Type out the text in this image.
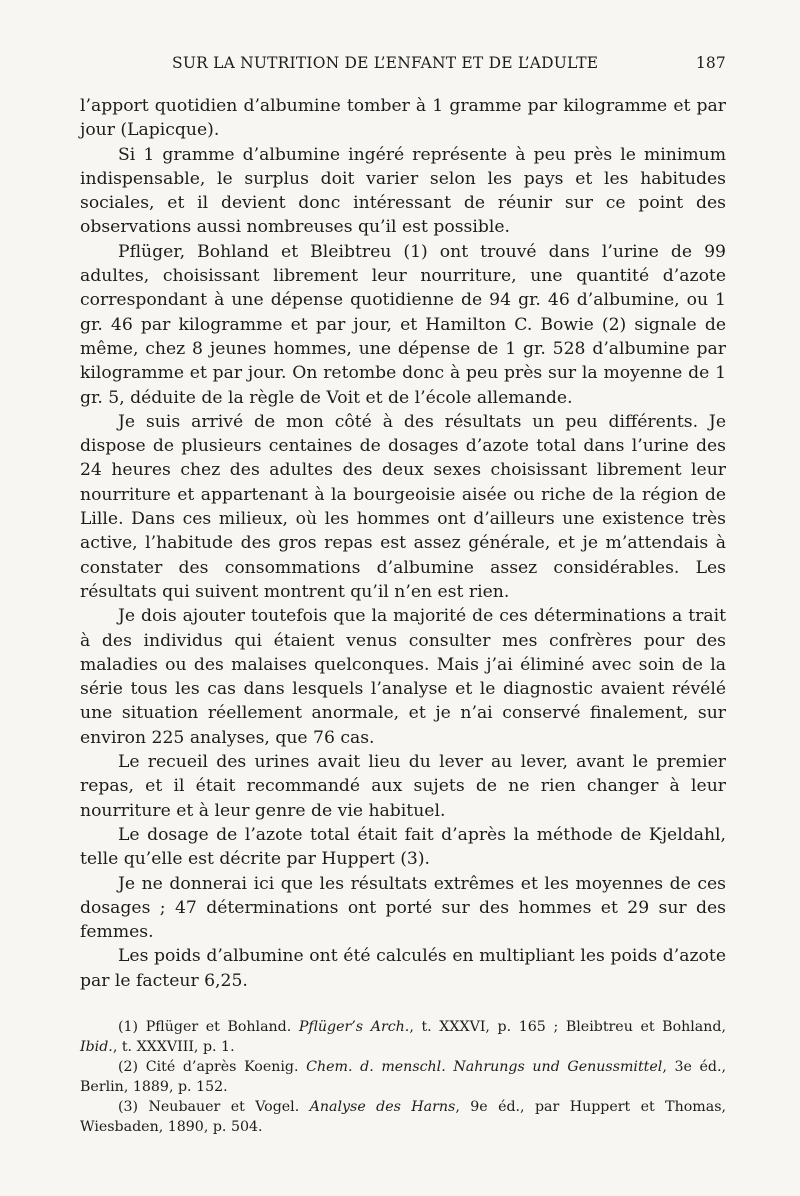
SUR LA NUTRITION DE L’ENFANT ET DE L’ADULTE	187

l’apport quotidien d’albumine tomber à 1 gramme par kilogramme et par jour (Lapicque).

Si 1 gramme d’albumine ingéré représente à peu près le minimum indispensable, le surplus doit varier selon les pays et les habitudes sociales, et il devient donc intéressant de réunir sur ce point des observations aussi nombreuses qu’il est possible.

Pflüger, Bohland et Bleibtreu (1) ont trouvé dans l’urine de 99 adultes, choisissant librement leur nourriture, une quantité d’azote correspondant à une dépense quotidienne de 94 gr. 46 d’albumine, ou 1 gr. 46 par kilogramme et par jour, et Hamilton C. Bowie (2) signale de même, chez 8 jeunes hommes, une dépense de 1 gr. 528 d’albumine par kilogramme et par jour. On retombe donc à peu près sur la moyenne de 1 gr. 5, déduite de la règle de Voit et de l’école allemande.

Je suis arrivé de mon côté à des résultats un peu différents. Je dispose de plusieurs centaines de dosages d’azote total dans l’urine des 24 heures chez des adultes des deux sexes choisissant librement leur nourriture et appartenant à la bourgeoisie aisée ou riche de la région de Lille. Dans ces milieux, où les hommes ont d’ailleurs une existence très active, l’habitude des gros repas est assez générale, et je m’attendais à constater des consommations d’albumine assez considérables. Les résultats qui suivent montrent qu’il n’en est rien.

Je dois ajouter toutefois que la majorité de ces déterminations a trait à des individus qui étaient venus consulter mes confrères pour des maladies ou des malaises quelconques. Mais j’ai éliminé avec soin de la série tous les cas dans lesquels l’analyse et le diagnostic avaient révélé une situation réellement anormale, et je n’ai conservé finalement, sur environ 225 analyses, que 76 cas.

Le recueil des urines avait lieu du lever au lever, avant le premier repas, et il était recommandé aux sujets de ne rien changer à leur nourriture et à leur genre de vie habituel.

Le dosage de l’azote total était fait d’après la méthode de Kjeldahl, telle qu’elle est décrite par Huppert (3).

Je ne donnerai ici que les résultats extrêmes et les moyennes de ces dosages ; 47 déterminations ont porté sur des hommes et 29 sur des femmes.

Les poids d’albumine ont été calculés en multipliant les poids d’azote par le facteur 6,25.

(1) Pflüger et Bohland. Pflüger’s Arch., t. XXXVI, p. 165 ; Bleibtreu et Bohland, Ibid., t. XXXVIII, p. 1.

(2) Cité d’après Koenig. Chem. d. menschl. Nahrungs und Genussmittel, 3e éd., Berlin, 1889, p. 152.

(3) Neubauer et Vogel. Analyse des Harns, 9e éd., par Huppert et Thomas, Wiesbaden, 1890, p. 504.
